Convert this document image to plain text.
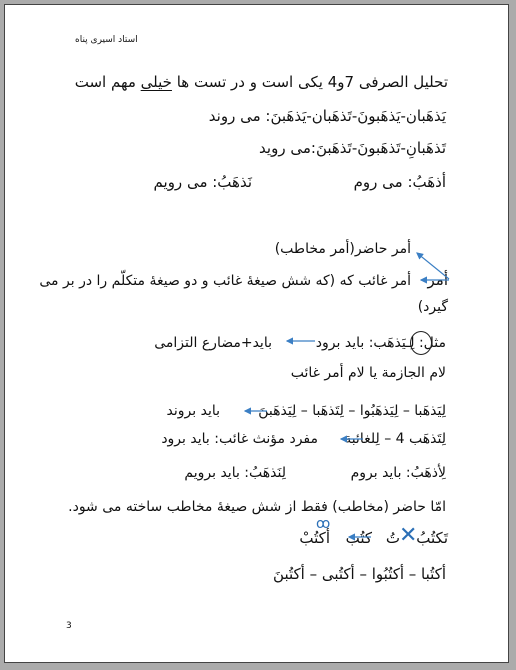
استاد اسیری پناه
تحلیل الصرفی 7و4 یکی است و در تست ها خیلی مهم است
یَذهَبان-یَذهَبونَ-تَذهَبان-یَذهَبنَ: می روند
تَذهَبانِ-تَذهَبونَ-تَذهَبنَ:می روید
أذهَبُ: می روم
نَذهَبُ: می رویم
أمر حاضر(أمر مخاطب)
أمر
أمر غائب که (که شش صیغۀ غائب و دو صیغۀ متکلّم را در بر می
گیرد)
مثل: لِـیَذهَب: باید برود
باید+مضارع التزامی
لام الجازمة یا لام أمر غائب
لِیَذهَبا – لِیَذهَبُوا – لِتَذهَبا – لِیَذهَبنَ
باید بروند
لِتَذهَب 4 – لِلغائبة
مفرد مؤنث غائب: باید برود
لِأذهَبُ: باید بروم
لِنَذهَبُ: باید برویم
امّا حاضر (مخاطب) فقط از شش صیغۀ مخاطب ساخته می شود.
تَکتُبُ
تُ ✕
کتُب
ꝏ
أکتُبْ
أکتُبا – أکتُبُوا – أکتُبی – أکتُبنَ
3
